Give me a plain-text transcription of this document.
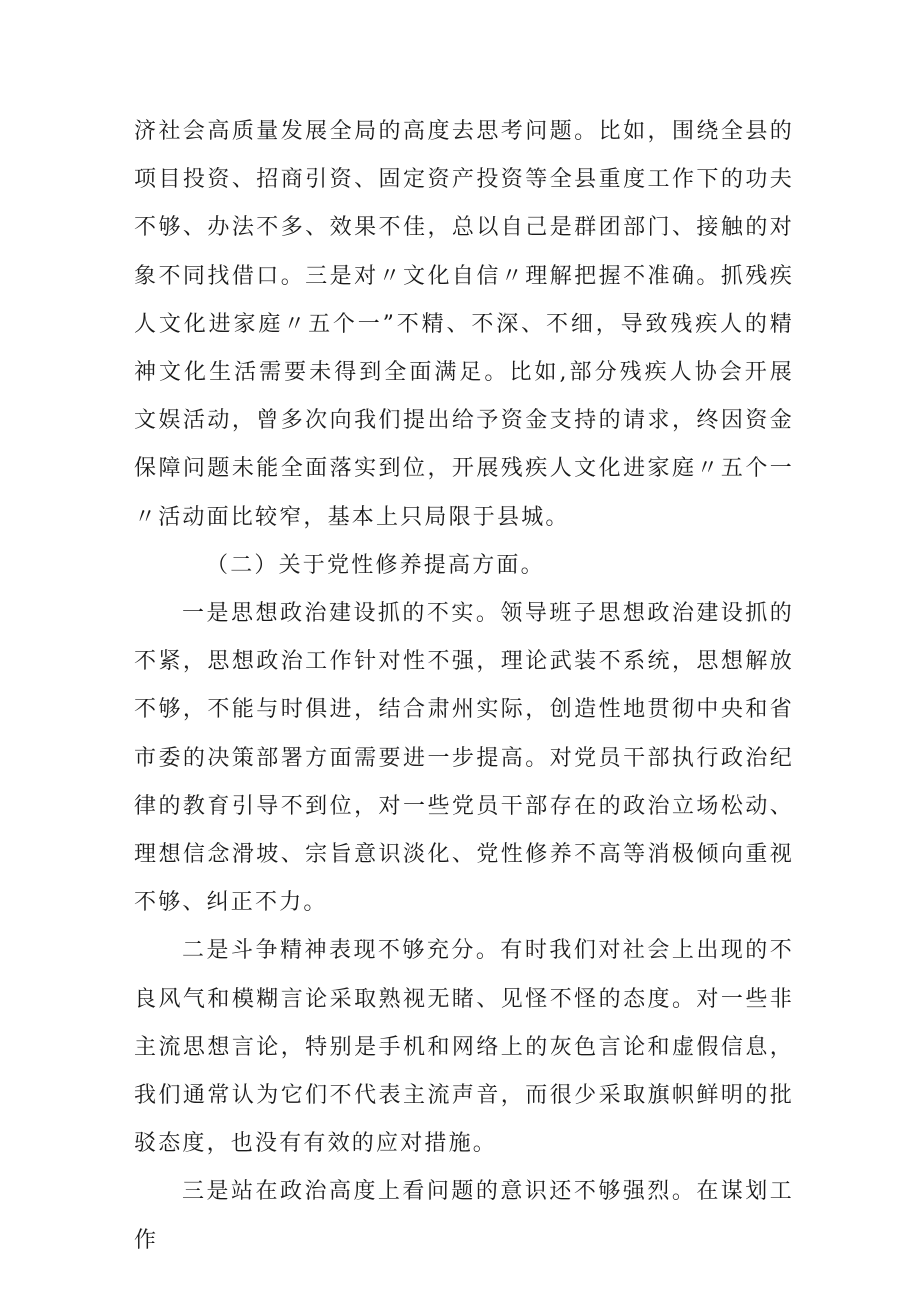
济社会高质量发展全局的高度去思考问题。比如，围绕全县的项目投资、招商引资、固定资产投资等全县重度工作下的功夫不够、办法不多、效果不佳，总以自己是群团部门、接触的对象不同找借口。三是对〃文化自信〃理解把握不准确。抓残疾人文化进家庭〃五个一”不精、不深、不细，导致残疾人的精神文化生活需要未得到全面满足。比如,部分残疾人协会开展文娱活动，曾多次向我们提出给予资金支持的请求，终因资金保障问题未能全面落实到位，开展残疾人文化进家庭〃五个一〃活动面比较窄，基本上只局限于县城。

（二）关于党性修养提高方面。

一是思想政治建设抓的不实。领导班子思想政治建设抓的不紧，思想政治工作针对性不强，理论武装不系统，思想解放不够，不能与时俱进，结合肃州实际，创造性地贯彻中央和省市委的决策部署方面需要进一步提高。对党员干部执行政治纪律的教育引导不到位，对一些党员干部存在的政治立场松动、理想信念滑坡、宗旨意识淡化、党性修养不高等消极倾向重视不够、纠正不力。

二是斗争精神表现不够充分。有时我们对社会上出现的不良风气和模糊言论采取熟视无睹、见怪不怪的态度。对一些非主流思想言论，特别是手机和网络上的灰色言论和虚假信息，我们通常认为它们不代表主流声音，而很少采取旗帜鲜明的批驳态度，也没有有效的应对措施。

三是站在政治高度上看问题的意识还不够强烈。在谋划工作
